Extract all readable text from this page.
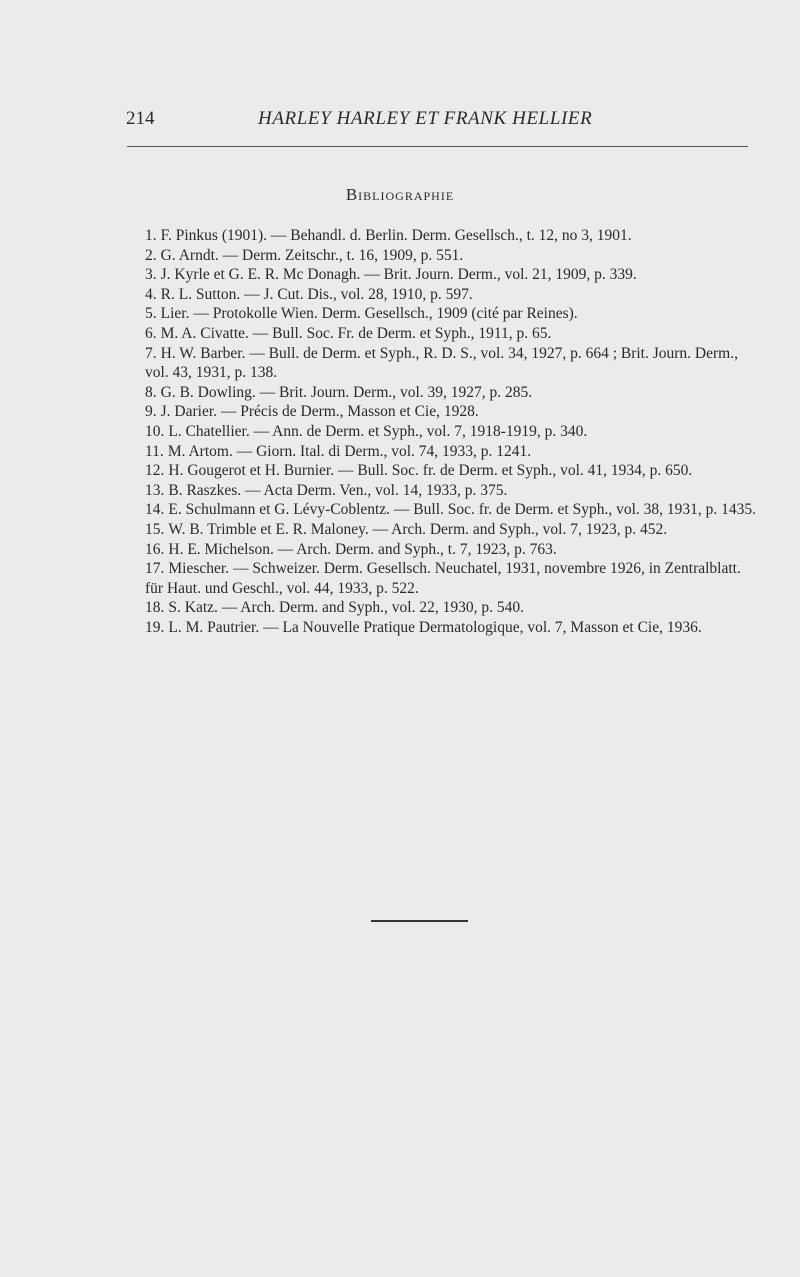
214	HARLEY HARLEY ET FRANK HELLIER
Bibliographie
1. F. Pinkus (1901). — Behandl. d. Berlin. Derm. Gesellsch., t. 12, no 3, 1901.
2. G. Arndt. — Derm. Zeitschr., t. 16, 1909, p. 551.
3. J. Kyrle et G. E. R. Mc Donagh. — Brit. Journ. Derm., vol. 21, 1909, p. 339.
4. R. L. Sutton. — J. Cut. Dis., vol. 28, 1910, p. 597.
5. Lier. — Protokolle Wien. Derm. Gesellsch., 1909 (cité par Reines).
6. M. A. Civatte. — Bull. Soc. Fr. de Derm. et Syph., 1911, p. 65.
7. H. W. Barber. — Bull. de Derm. et Syph., R. D. S., vol. 34, 1927, p. 664 ; Brit. Journ. Derm., vol. 43, 1931, p. 138.
8. G. B. Dowling. — Brit. Journ. Derm., vol. 39, 1927, p. 285.
9. J. Darier. — Précis de Derm., Masson et Cie, 1928.
10. L. Chatellier. — Ann. de Derm. et Syph., vol. 7, 1918-1919, p. 340.
11. M. Artom. — Giorn. Ital. di Derm., vol. 74, 1933, p. 1241.
12. H. Gougerot et H. Burnier. — Bull. Soc. fr. de Derm. et Syph., vol. 41, 1934, p. 650.
13. B. Raszkes. — Acta Derm. Ven., vol. 14, 1933, p. 375.
14. E. Schulmann et G. Lévy-Coblentz. — Bull. Soc. fr. de Derm. et Syph., vol. 38, 1931, p. 1435.
15. W. B. Trimble et E. R. Maloney. — Arch. Derm. and Syph., vol. 7, 1923, p. 452.
16. H. E. Michelson. — Arch. Derm. and Syph., t. 7, 1923, p. 763.
17. Miescher. — Schweizer. Derm. Gesellsch. Neuchatel, 1931, novembre 1926, in Zentralblatt. für Haut. und Geschl., vol. 44, 1933, p. 522.
18. S. Katz. — Arch. Derm. and Syph., vol. 22, 1930, p. 540.
19. L. M. Pautrier. — La Nouvelle Pratique Dermatologique, vol. 7, Masson et Cie, 1936.
